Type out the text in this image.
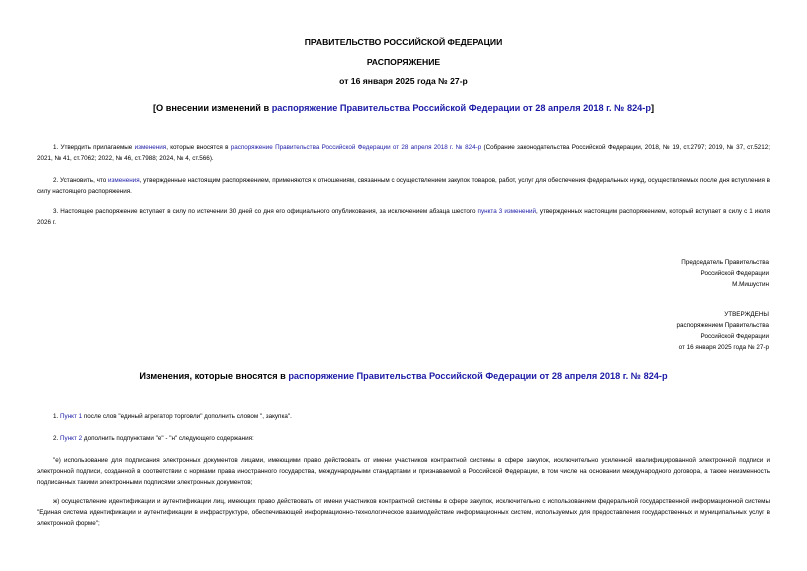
ПРАВИТЕЛЬСТВО РОССИЙСКОЙ ФЕДЕРАЦИИ
РАСПОРЯЖЕНИЕ
от 16 января 2025 года № 27-р
[О внесении изменений в распоряжение Правительства Российской Федерации от 28 апреля 2018 г. № 824-р]
1. Утвердить прилагаемые изменения, которые вносятся в распоряжение Правительства Российской Федерации от 28 апреля 2018 г. № 824-р (Собрание законодательства Российской Федерации, 2018, № 19, ст.2797; 2019, № 37, ст.5212; 2021, № 41, ст.7062; 2022, № 46, ст.7988; 2024, № 4, ст.566).
2. Установить, что изменения, утвержденные настоящим распоряжением, применяются к отношениям, связанным с осуществлением закупок товаров, работ, услуг для обеспечения федеральных нужд, осуществляемых после дня вступления в силу настоящего распоряжения.
3. Настоящее распоряжение вступает в силу по истечении 30 дней со дня его официального опубликования, за исключением абзаца шестого пункта 3 изменений, утвержденных настоящим распоряжением, который вступает в силу с 1 июля 2026 г.
Председатель Правительства
Российской Федерации
М.Мишустин
УТВЕРЖДЕНЫ
распоряжением Правительства
Российской Федерации
от 16 января 2025 года № 27-р
Изменения, которые вносятся в распоряжение Правительства Российской Федерации от 28 апреля 2018 г. № 824-р
1. Пункт 1 после слов "единый агрегатор торговли" дополнить словом ", закупка".
2. Пункт 2 дополнить подпунктами "е" - "н" следующего содержания:
"е) использование для подписания электронных документов лицами, имеющими право действовать от имени участников контрактной системы в сфере закупок, исключительно усиленной квалифицированной электронной подписи и электронной подписи, созданной в соответствии с нормами права иностранного государства, международными стандартами и признаваемой в Российской Федерации, в том числе на основании международного договора, а также неизменность подписанных такими электронными подписями электронных документов;
ж) осуществление идентификации и аутентификации лиц, имеющих право действовать от имени участников контрактной системы в сфере закупок, исключительно с использованием федеральной государственной информационной системы "Единая система идентификации и аутентификации в инфраструктуре, обеспечивающей информационно-технологическое взаимодействие информационных систем, используемых для предоставления государственных и муниципальных услуг в электронной форме";
